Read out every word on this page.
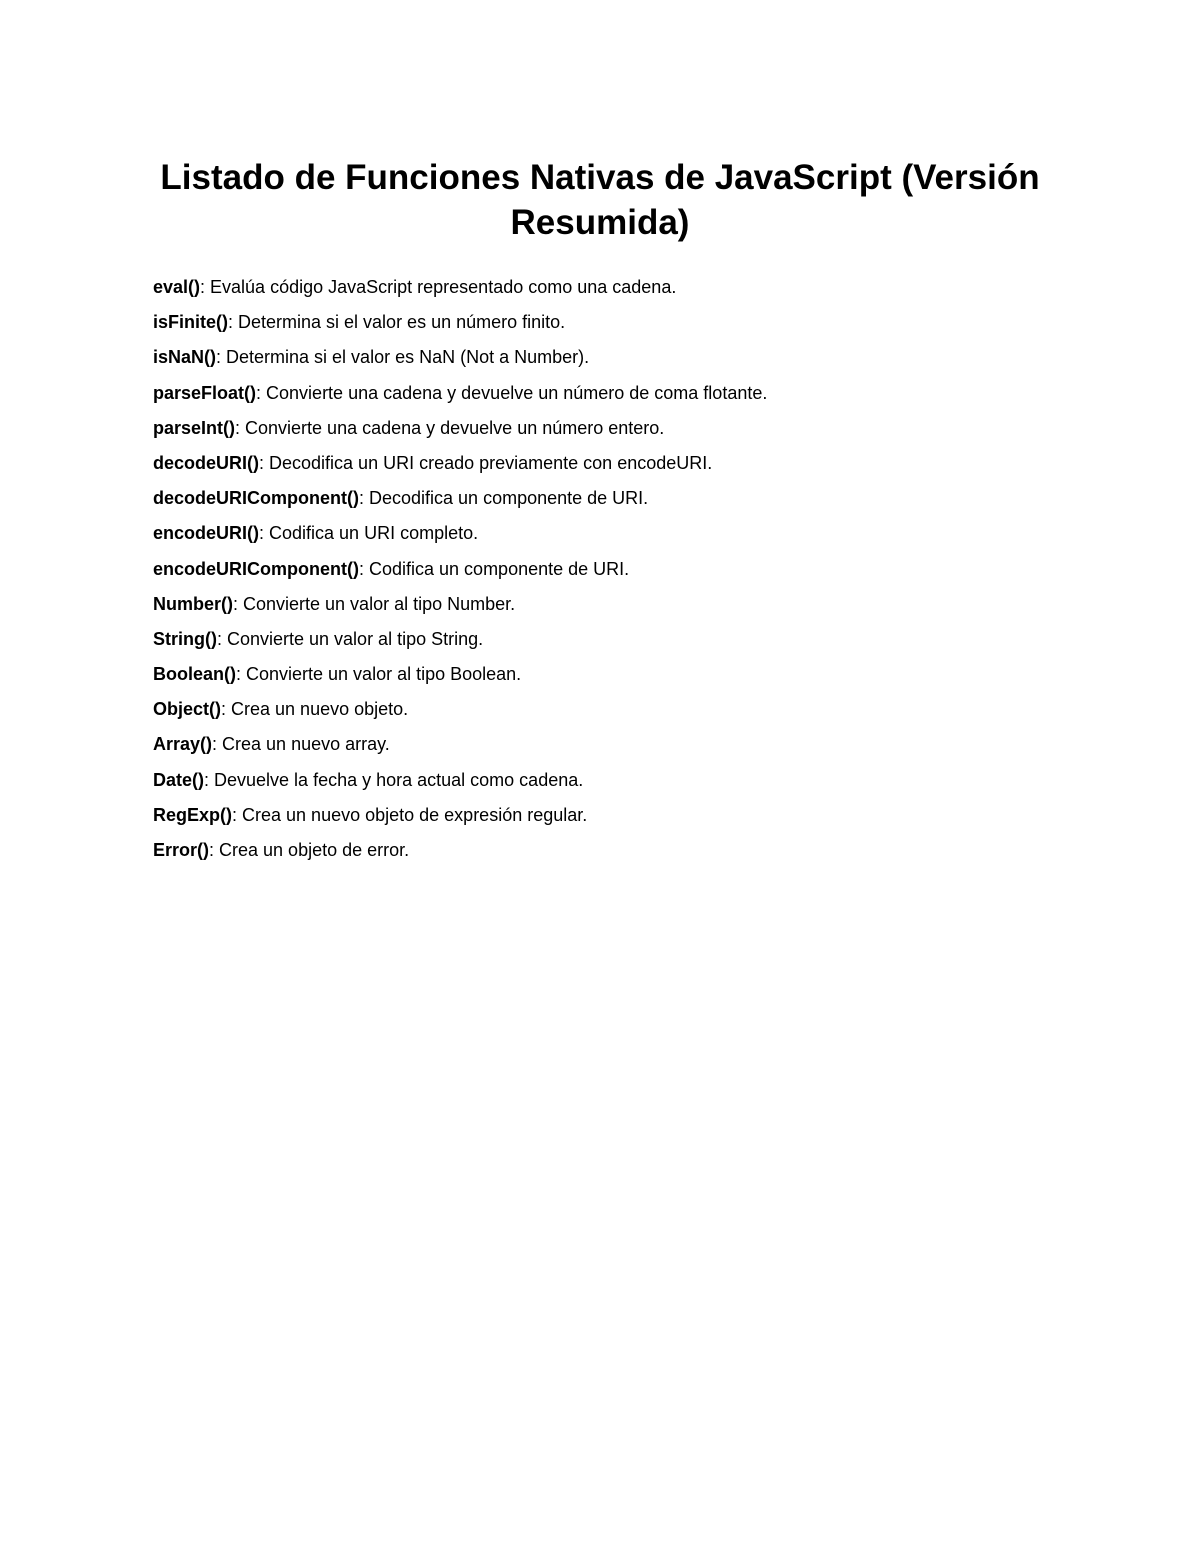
Listado de Funciones Nativas de JavaScript (Versión Resumida)
eval(): Evalúa código JavaScript representado como una cadena.
isFinite(): Determina si el valor es un número finito.
isNaN(): Determina si el valor es NaN (Not a Number).
parseFloat(): Convierte una cadena y devuelve un número de coma flotante.
parseInt(): Convierte una cadena y devuelve un número entero.
decodeURI(): Decodifica un URI creado previamente con encodeURI.
decodeURIComponent(): Decodifica un componente de URI.
encodeURI(): Codifica un URI completo.
encodeURIComponent(): Codifica un componente de URI.
Number(): Convierte un valor al tipo Number.
String(): Convierte un valor al tipo String.
Boolean(): Convierte un valor al tipo Boolean.
Object(): Crea un nuevo objeto.
Array(): Crea un nuevo array.
Date(): Devuelve la fecha y hora actual como cadena.
RegExp(): Crea un nuevo objeto de expresión regular.
Error(): Crea un objeto de error.
